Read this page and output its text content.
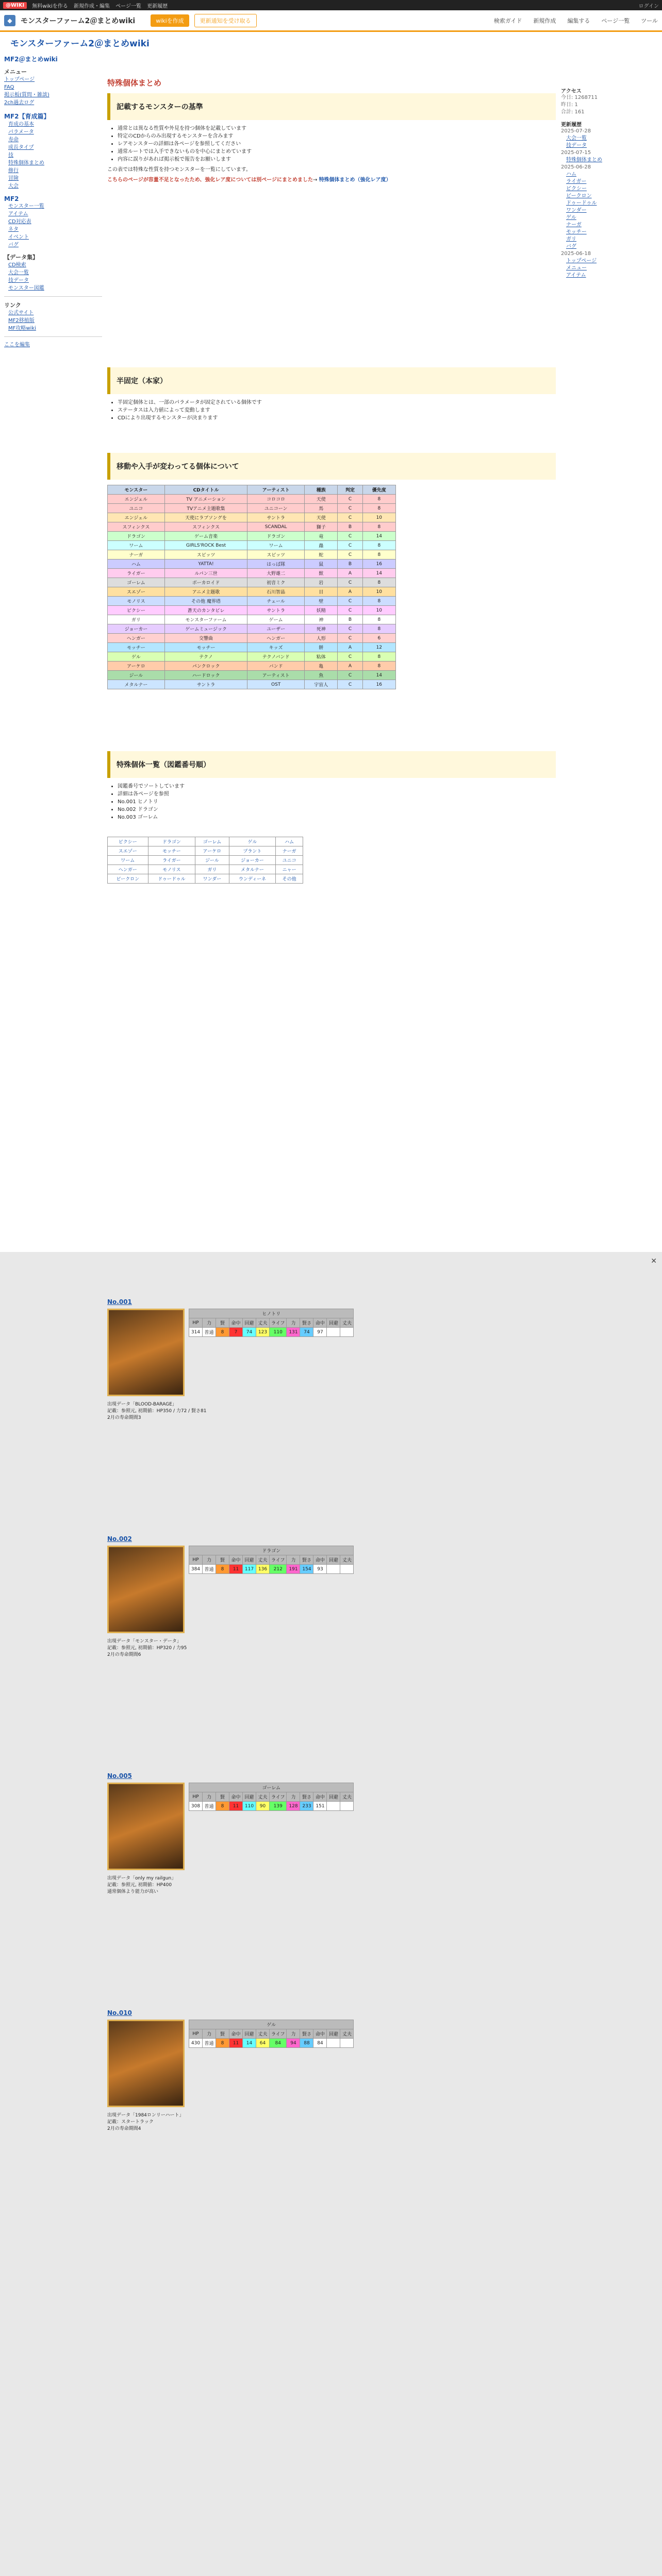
@WIKI	無料wikiを作る 新規作成・編集 ページ一覧 更新履歴	ログイン
◆	モンスターファーム2＠まとめwiki	wikiを作成	更新通知を受け取る	検索ガイド 新規作成 編集する ページ一覧 ツール
モンスターファーム2＠まとめwiki
MF2＠まとめwiki
メニュー
トップページ
FAQ
掲示板(質問・雑談)
2ch過去ログ
MF2【育成篇】
育成の基本
パラメータ
寿命
成長タイプ
技
特殊個体まとめ
修行
冒険
大会
MF2
モンスター一覧
アイテム
CD対応表
ネタ
イベント
バグ
【データ集】
CD検索
大会一覧
技データ
モンスター図鑑
リンク
公式サイト
MF2移植版
MF攻略wiki
ここを編集
アクセス
今日: 1268711
昨日: 1
合計: 161
更新履歴
2025-07-28
大会一覧
技データ
2025-07-15
特殊個体まとめ
2025-06-28
ハム
ライガー
ピクシー
ビークロン
ドゥードゥル
ワンダー
ゲル
ナーガ
モッチー
ガリ
バグ
2025-06-18
トップページ
メニュー
アイテム
特殊個体まとめ
記載するモンスターの基準
• 通常とは異なる性質や外見を持つ個体を記載しています
• 特定のCDからのみ出現するモンスターを含みます
• レアモンスターの詳細は各ページを参照してください
• 通常ルートでは入手できないものを中心にまとめています
• 内容に誤りがあれば掲示板で報告をお願いします

この表では特殊な性質を持つモンスターを一覧にしています。

こちらのページが容量不足となったため、強化レア度については別ページにまとめました→ 特殊個体まとめ（強化レア度）

半固定（本家）
• 半固定個体とは、一部のパラメータが固定されている個体です
• ステータスは入力値によって変動します
• CDにより出現するモンスターが決まります
移動や入手が変わってる個体について
モンスター	CDタイトル	アーティスト	種族	判定	優先度
エンジェル	TV アニメーション	コロコロ	天使	C	8
ユニコ	TVアニメ主題歌集	ユニコーン	馬	C	8
エンジェル	天使にラブソングを	サントラ	天使	C	10
スフィンクス	スフィンクス	SCANDAL	獅子	B	8
ドラゴン	ゲーム音楽	ドラゴン	竜	C	14
ワーム	GIRLS'ROCK Best	ワーム	蟲	C	8
ナーガ	スピッツ	スピッツ	蛇	C	8
ハム	YATTA!	はっぱ隊	鼠	B	16
ライガー	ルパン三世	大野雄二	獣	A	14
ゴーレム	ボーカロイド	初音ミク	岩	C	8
スエゾー	アニメ主題歌	石川智晶	目	A	10
モノリス	その他 魔界塔	チェール	壁	C	8
ピクシー	蒼天のカンタビレ	サントラ	妖精	C	10
ガリ	モンスターファーム	ゲーム	神	B	8
ジョーカー	ゲームミュージック	ユーザー	死神	C	8
ヘンガー	交響曲	ヘンガー	人形	C	6
モッチー	モッチー	キッズ	餅	A	12
ゲル	テクノ	テクノバンド	粘体	C	8
アーケロ	パンクロック	バンド	亀	A	8
ジール	ハードロック	アーティスト	魚	C	14
メタルナー	サントラ	OST	宇宙人	C	16
特殊個体一覧（図鑑番号順）
• 図鑑番号でソートしています
• 詳細は各ページを参照
• No.001 ヒノトリ
• No.002 ドラゴン
• No.003 ゴーレム
ピクシー	ドラゴン	ゴーレム	ゲル	ハム
スエゾー	モッチー	アーケロ	プラント	ナーガ
ワーム	ライガー	ジール	ジョーカー	ユニコ
ヘンガー	モノリス	ガリ	メタルナー	ニャー
ビークロン	ドゥードゥル	ワンダー	ウンディーネ	その他
✕
No.001
ヒノトリ											
HP	力	賢	命中	回避	丈夫	ライフ	力	賢さ	命中	回避	丈夫
314	普通	8	7	74	123	110	131	74	97		
出現データ「BLOOD-BARAGE」
記載：参照元, 初期値：HP350 / 力72 / 賢さ81
2月の寿命期間3
No.002
ドラゴン											
HP	力	賢	命中	回避	丈夫	ライフ	力	賢さ	命中	回避	丈夫
384	普通	8	11	117	136	212	191	154	93		
出現データ「モンスター・データ」
記載：参照元, 初期値：HP320 / 力95
2月の寿命期間6
No.005
ゴーレム											
HP	力	賢	命中	回避	丈夫	ライフ	力	賢さ	命中	回避	丈夫
308	普通	8	11	110	90	139	128	233	151		
出現データ「only my railgun」
記載：参照元, 初期値：HP400
通常個体より能力が高い
No.010
ゲル											
HP	力	賢	命中	回避	丈夫	ライフ	力	賢さ	命中	回避	丈夫
430	普通	8	11	14	64	84	94	88	84		
出現データ「1984ロンリーハート」
記載：スタートラック
2月の寿命期間4
